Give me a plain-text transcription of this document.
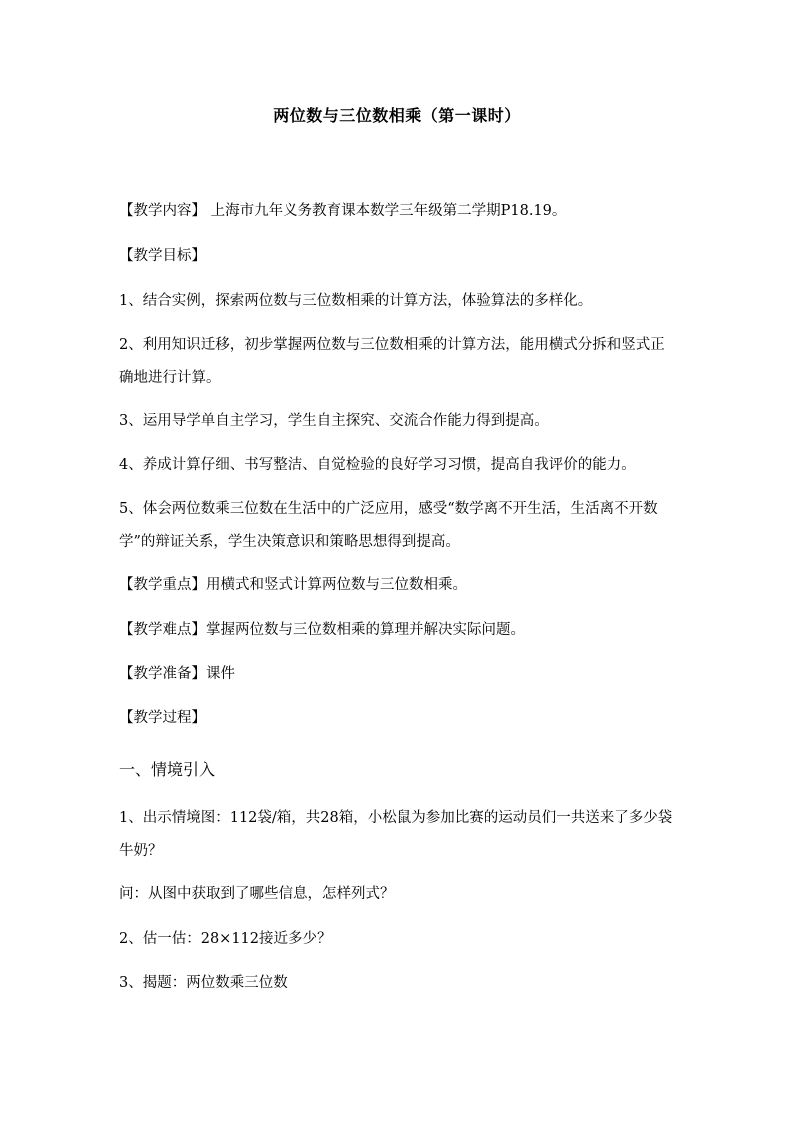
两位数与三位数相乘（第一课时）
【教学内容】 上海市九年义务教育课本数学三年级第二学期P18.19。
【教学目标】
1、结合实例，探索两位数与三位数相乘的计算方法，体验算法的多样化。
2、利用知识迁移，初步掌握两位数与三位数相乘的计算方法，能用横式分拆和竖式正确地进行计算。
3、运用导学单自主学习，学生自主探究、交流合作能力得到提高。
4、养成计算仔细、书写整洁、自觉检验的良好学习习惯，提高自我评价的能力。
5、体会两位数乘三位数在生活中的广泛应用，感受“数学离不开生活，生活离不开数学”的辩证关系，学生决策意识和策略思想得到提高。
【教学重点】用横式和竖式计算两位数与三位数相乘。
【教学难点】掌握两位数与三位数相乘的算理并解决实际问题。
【教学准备】课件
【教学过程】
一、情境引入
1、出示情境图：112袋/箱，共28箱，小松鼠为参加比赛的运动员们一共送来了多少袋牛奶？
问：从图中获取到了哪些信息，怎样列式？
2、估一估：28×112接近多少？
3、揭题：两位数乘三位数
